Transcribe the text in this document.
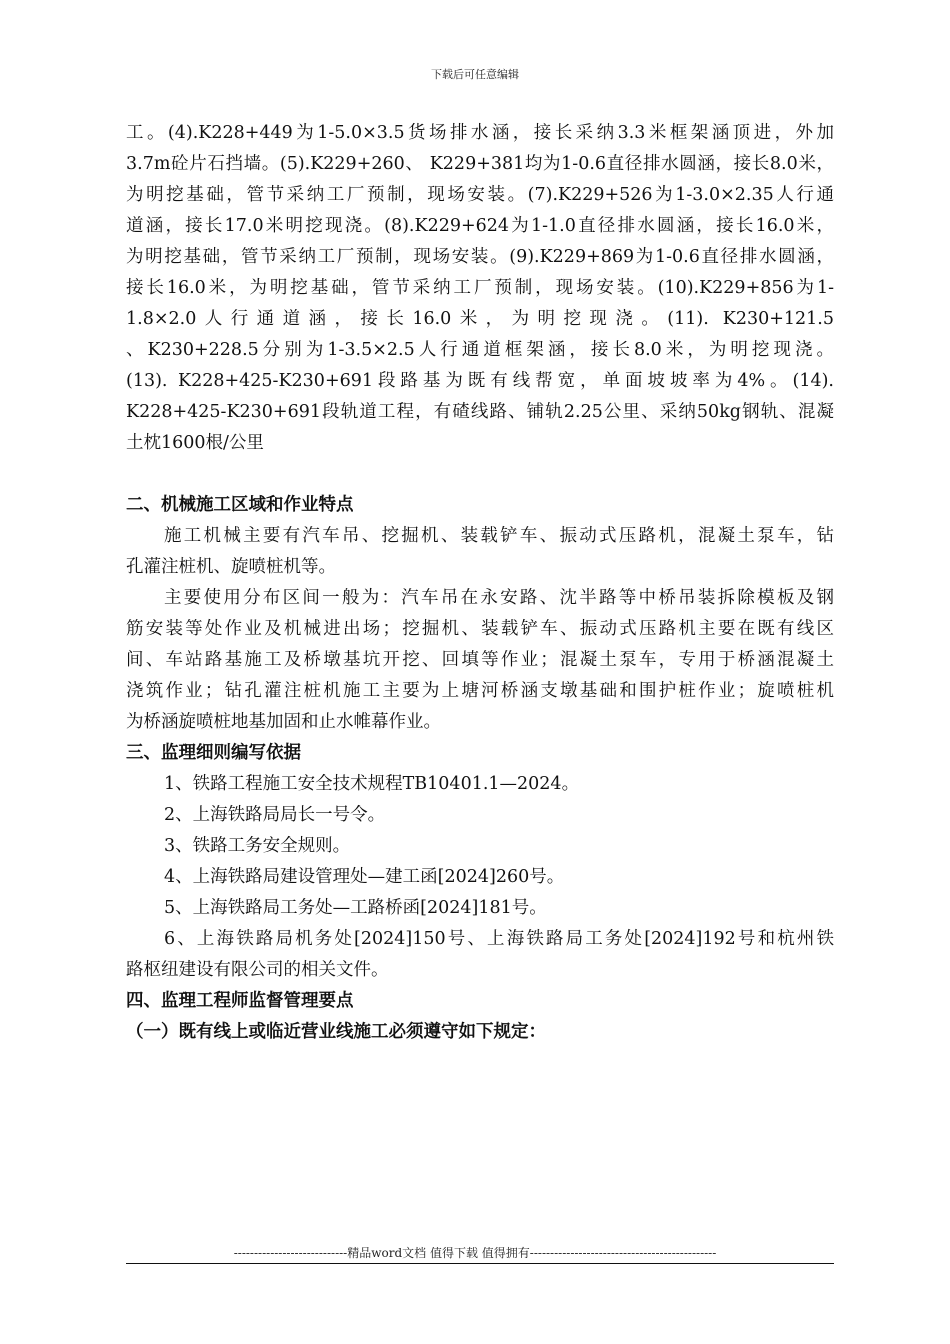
下载后可任意编辑
工。(4).K228+449为1-5.0×3.5货场排水涵，接长采纳3.3米框架涵顶进，外加
3.7m砼片石挡墙。(5).K229+260、 K229+381均为1-0.6直径排水圆涵，接长8.0米，
为明挖基础，管节采纳工厂预制，现场安装。(7).K229+526为1-3.0×2.35人行通
道涵，接长17.0米明挖现浇。(8).K229+624为1-1.0直径排水圆涵，接长16.0米，
为明挖基础，管节采纳工厂预制，现场安装。(9).K229+869为1-0.6直径排水圆涵，
接长16.0米，为明挖基础，管节采纳工厂预制，现场安装。(10).K229+856为1-
1.8×2.0人行通道涵，接长16.0米，为明挖现浇。(11). K230+121.5
、K230+228.5分别为1-3.5×2.5人行通道框架涵，接长8.0米，为明挖现浇。
(13). K228+425-K230+691段路基为既有线帮宽，单面坡坡率为4%。(14).
K228+425-K230+691段轨道工程，有碴线路、铺轨2.25公里、采纳50kg钢轨、混凝
土枕1600根/公里
二、机械施工区域和作业特点
施工机械主要有汽车吊、挖掘机、装载铲车、振动式压路机，混凝土泵车，钻
孔灌注桩机、旋喷桩机等。
主要使用分布区间一般为：汽车吊在永安路、沈半路等中桥吊装拆除模板及钢
筋安装等处作业及机械进出场；挖掘机、装载铲车、振动式压路机主要在既有线区
间、车站路基施工及桥墩基坑开挖、回填等作业；混凝土泵车，专用于桥涵混凝土
浇筑作业；钻孔灌注桩机施工主要为上塘河桥涵支墩基础和围护桩作业；旋喷桩机
为桥涵旋喷桩地基加固和止水帷幕作业。
三、监理细则编写依据
1、铁路工程施工安全技术规程TB10401.1—2024。
2、上海铁路局局长一号令。
3、铁路工务安全规则。
4、上海铁路局建设管理处—建工函[2024]260号。
5、上海铁路局工务处—工路桥函[2024]181号。
6、上海铁路局机务处[2024]150号、上海铁路局工务处[2024]192号和杭州铁
路枢纽建设有限公司的相关文件。
四、监理工程师监督管理要点
（一）既有线上或临近营业线施工必须遵守如下规定：
----------------------------精品word文档 值得下载 值得拥有----------------------------------------------
